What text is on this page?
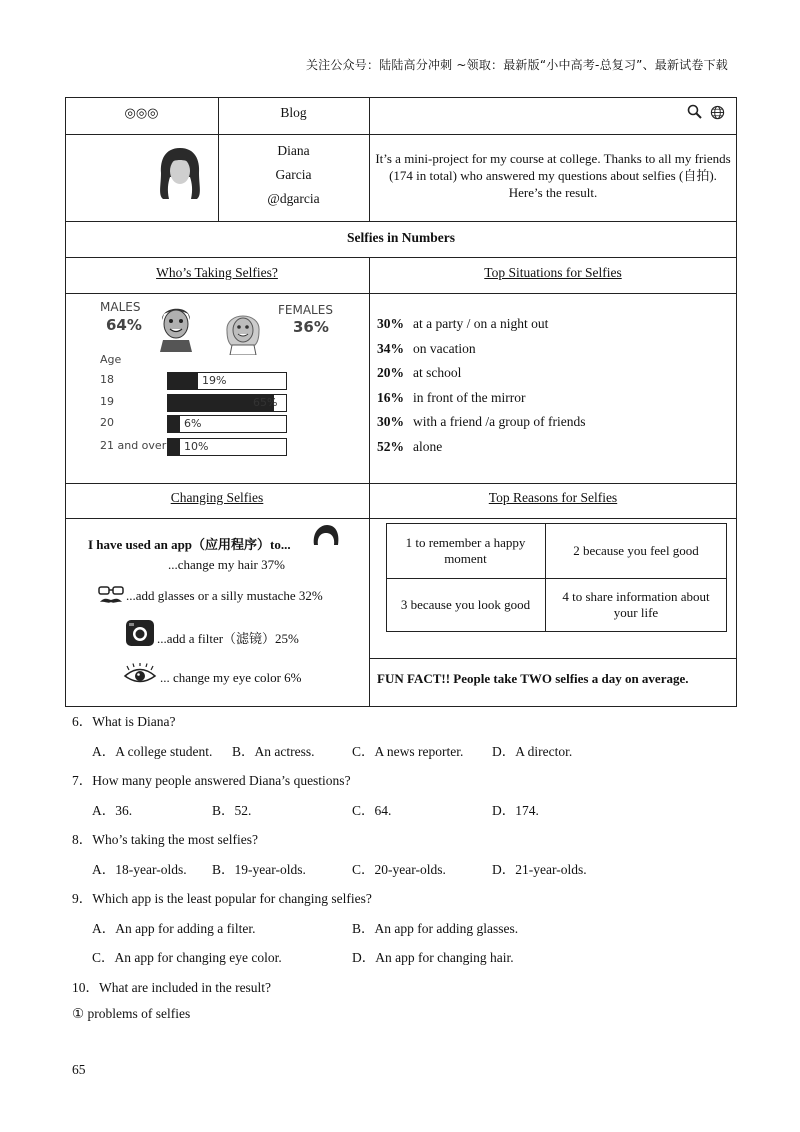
关注公众号：陆陆高分冲刺 ~领取：最新版“小中高考-总复习”、最新试卷下载
◎◎◎	Blog
Diana
Garcia
@dgarcia
It’s a mini-project for my course at college. Thanks to all my friends (174 in total) who answered my questions about selfies (自拍). Here’s the result.
Selfies in Numbers
Who’s Taking Selfies?	Top Situations for Selfies
MALES
64%
FEMALES
36%
Age
18	19%
19	65%
20	6%
21 and over 10%
30% at a party / on a night out
34% on vacation
20% at school
16% in front of the mirror
30% with a friend /a group of friends
52% alone
Changing Selfies	Top Reasons for Selfies
I have used an app（应用程序）to...
...change my hair 37%
...add glasses or a silly mustache 32%
...add a filter（滤镜）25%
... change my eye color 6%
1 to remember a happy moment
2 because you feel good
3 because you look good
4 to share information about your life
FUN FACT!! People take TWO selfies a day on average.
6．What is Diana?
A．A college student. B．An actress.	C．A news reporter. D．A director.
7．How many people answered Diana’s questions?
A．36.	B．52.	C．64.	D．174.
8．Who’s taking the most selfies?
A．18-year-olds. B．19-year-olds.	C．20-year-olds.	D．21-year-olds.
9．Which app is the least popular for changing selfies?
A．An app for adding a filter.	B．An app for adding glasses.
C．An app for changing eye color.	D．An app for changing hair.
10．What are included in the result?
① problems of selfies
65
